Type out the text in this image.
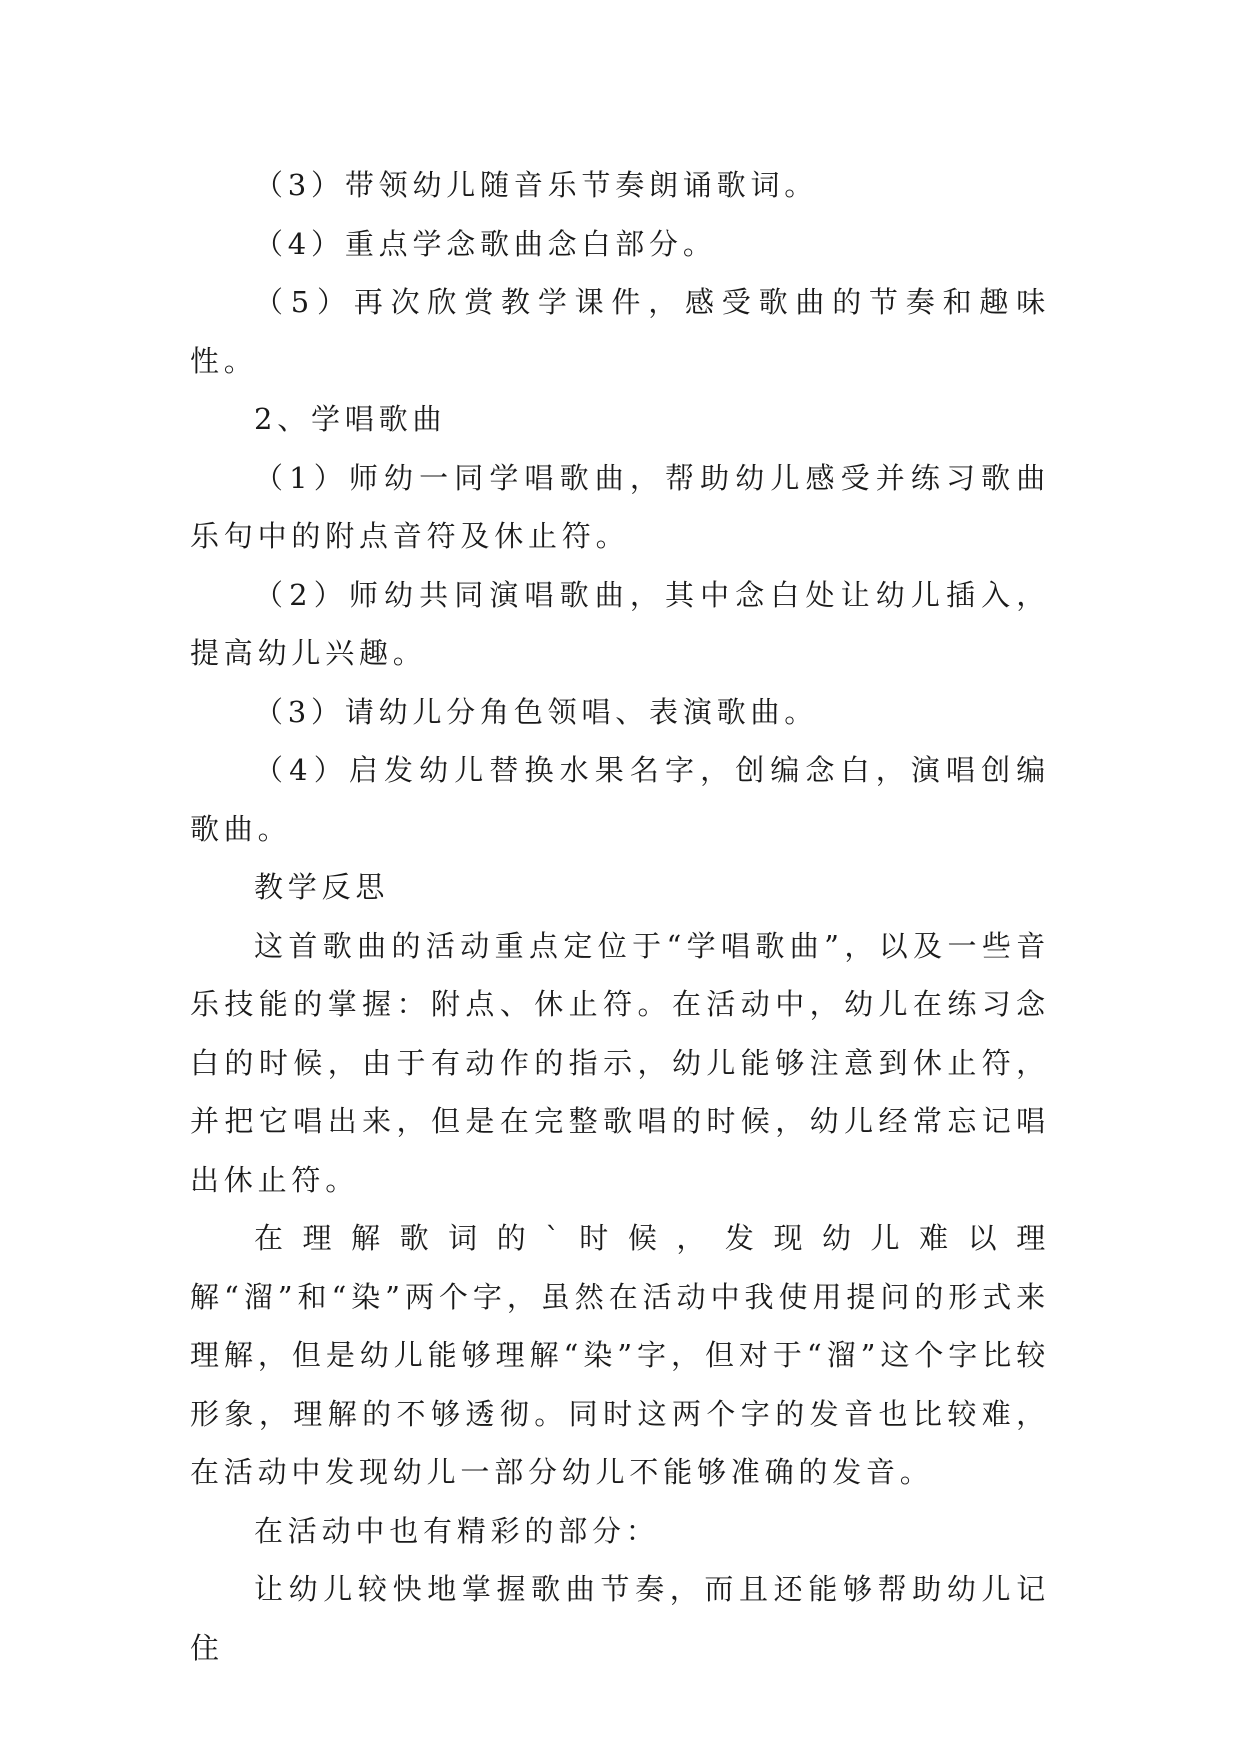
（3）带领幼儿随音乐节奏朗诵歌词。

（4）重点学念歌曲念白部分。

（5）再次欣赏教学课件，感受歌曲的节奏和趣味性。

2、学唱歌曲

（1）师幼一同学唱歌曲，帮助幼儿感受并练习歌曲乐句中的附点音符及休止符。

（2）师幼共同演唱歌曲，其中念白处让幼儿插入，提高幼儿兴趣。

（3）请幼儿分角色领唱、表演歌曲。

（4）启发幼儿替换水果名字，创编念白，演唱创编歌曲。

教学反思

这首歌曲的活动重点定位于“学唱歌曲”，以及一些音乐技能的掌握：附点、休止符。在活动中，幼儿在练习念白的时候，由于有动作的指示，幼儿能够注意到休止符，并把它唱出来，但是在完整歌唱的时候，幼儿经常忘记唱出休止符。

在理解歌词的`时候，发现幼儿难以理解“溜”和“染”两个字，虽然在活动中我使用提问的形式来理解，但是幼儿能够理解“染”字，但对于“溜”这个字比较形象，理解的不够透彻。同时这两个字的发音也比较难，在活动中发现幼儿一部分幼儿不能够准确的发音。

在活动中也有精彩的部分：

让幼儿较快地掌握歌曲节奏，而且还能够帮助幼儿记住
